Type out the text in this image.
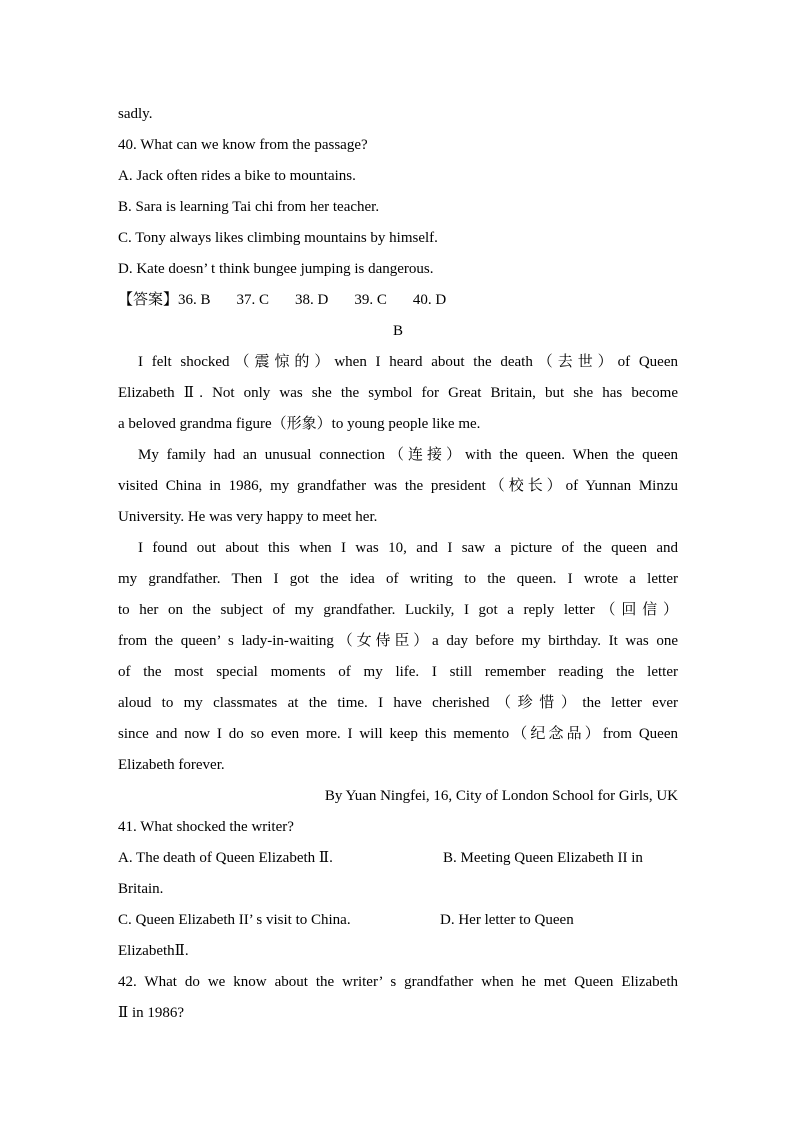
sadly.
40. What can we know from the passage?
A. Jack often rides a bike to mountains.
B. Sara is learning Tai chi from her teacher.
C. Tony always likes climbing mountains by himself.
D. Kate doesn’ t think bungee jumping is dangerous.
【答案】36. B 37. C 38. D 39. C 40. D
B
I felt shocked（震惊的）when I heard about the death（去世）of Queen
Elizabeth Ⅱ. Not only was she the symbol for Great Britain, but she has become
a beloved grandma figure（形象）to young people like me.
My family had an unusual connection（连接）with the queen. When the queen
visited China in 1986, my grandfather was the president（校长）of Yunnan Minzu
University. He was very happy to meet her.
I found out about this when I was 10, and I saw a picture of the queen and
my grandfather. Then I got the idea of writing to the queen. I wrote a letter
to her on the subject of my grandfather. Luckily, I got a reply letter（回信）
from the queen’ s lady-in-waiting（女侍臣）a day before my birthday. It was one
of the most special moments of my life. I still remember reading the letter
aloud to my classmates at the time. I have cherished（珍惜）the letter ever
since and now I do so even more. I will keep this memento（纪念品）from Queen
Elizabeth forever.
By Yuan Ningfei, 16, City of London School for Girls, UK
41. What shocked the writer?
A. The death of Queen Elizabeth Ⅱ.	B. Meeting Queen Elizabeth II in
Britain.
C. Queen Elizabeth II’ s visit to China.	D. Her letter to Queen
ElizabethⅡ.
42. What do we know about the writer’ s grandfather when he met Queen Elizabeth
Ⅱ in 1986?
